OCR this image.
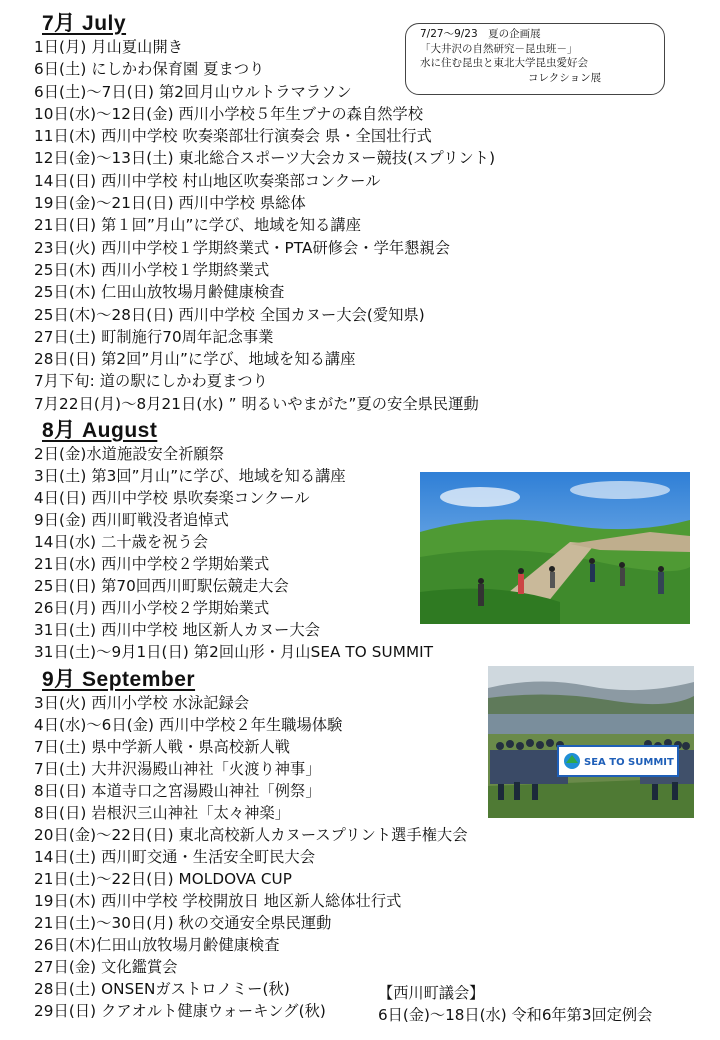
7月 July
1日(月) 月山夏山開き
6日(土) にしかわ保育園 夏まつり
6日(土)～7日(日) 第2回月山ウルトラマラソン
10日(水)～12日(金) 西川小学校５年生ブナの森自然学校
11日(木) 西川中学校 吹奏楽部壮行演奏会 県・全国壮行式
12日(金)～13日(土) 東北総合スポーツ大会カヌー競技(スプリント)
14日(日) 西川中学校 村山地区吹奏楽部コンクール
19日(金)～21日(日) 西川中学校 県総体
21日(日) 第１回”月山”に学び、地域を知る講座
23日(火) 西川中学校１学期終業式・PTA研修会・学年懇親会
25日(木) 西川小学校１学期終業式
25日(木) 仁田山放牧場月齢健康検査
25日(木)～28日(日) 西川中学校 全国カヌー大会(愛知県)
27日(土) 町制施行70周年記念事業
28日(日) 第2回”月山”に学び、地域を知る講座
7月下旬: 道の駅にしかわ夏まつり
7月22日(月)～8月21日(水) ” 明るいやまがた”夏の安全県民運動
7/27～9/23　夏の企画展
「大井沢の自然研究－昆虫班－」
水に住む昆虫と東北大学昆虫愛好会
コレクション展
8月 August
2日(金)水道施設安全祈願祭
3日(土) 第3回”月山”に学び、地域を知る講座
4日(日) 西川中学校 県吹奏楽コンクール
9日(金) 西川町戦没者追悼式
14日(水) 二十歳を祝う会
21日(水) 西川中学校２学期始業式
25日(日) 第70回西川町駅伝競走大会
26日(月) 西川小学校２学期始業式
31日(土) 西川中学校 地区新人カヌー大会
31日(土)～9月1日(日) 第2回山形・月山SEA TO SUMMIT
9月 September
3日(火) 西川小学校 水泳記録会
4日(水)～6日(金) 西川中学校２年生職場体験
7日(土) 県中学新人戦・県高校新人戦
7日(土) 大井沢湯殿山神社「火渡り神事」
8日(日) 本道寺口之宮湯殿山神社「例祭」
8日(日) 岩根沢三山神社「太々神楽」
20日(金)～22日(日) 東北高校新人カヌースプリント選手権大会
14日(土) 西川町交通・生活安全町民大会
21日(土)～22日(日) MOLDOVA CUP
19日(木) 西川中学校 学校開放日 地区新人総体壮行式
21日(土)～30日(月) 秋の交通安全県民運動
26日(木)仁田山放牧場月齢健康検査
27日(金) 文化鑑賞会
28日(土) ONSENガストロノミー(秋)
29日(日) クアオルト健康ウォーキング(秋)
SEA TO SUMMIT
【西川町議会】
6日(金)～18日(水) 令和6年第3回定例会
